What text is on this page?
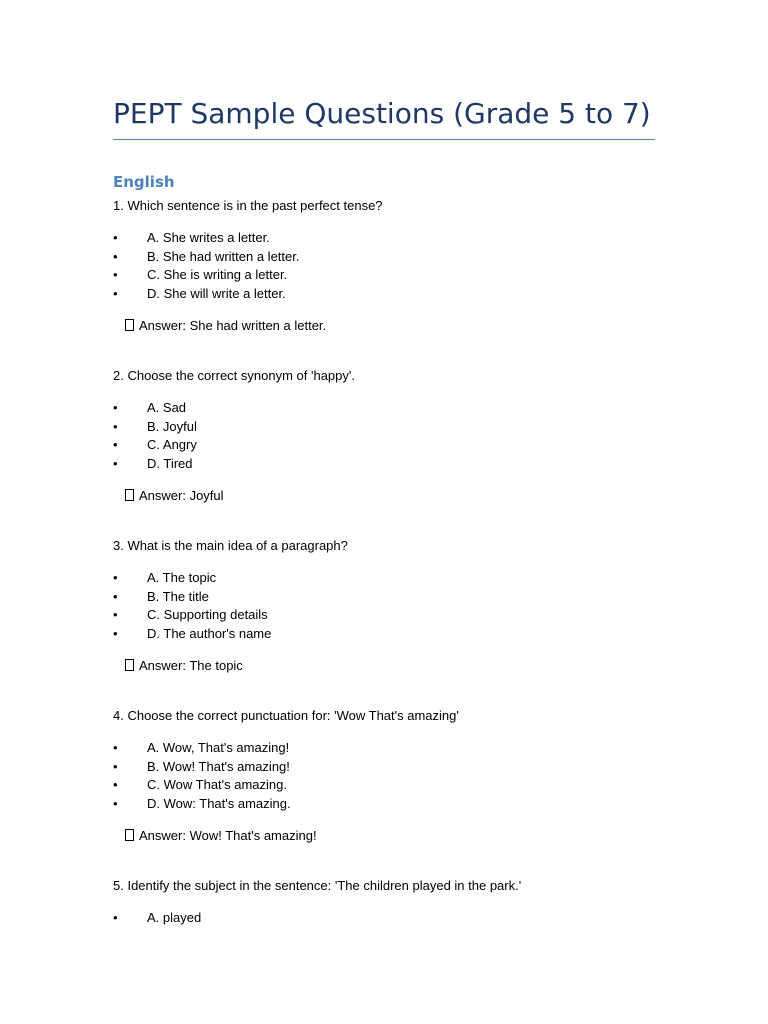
PEPT Sample Questions (Grade 5 to 7)
English

1. Which sentence is in the past perfect tense?

• A. She writes a letter.
• B. She had written a letter.
• C. She is writing a letter.
• D. She will write a letter.
Answer: She had written a letter.

2. Choose the correct synonym of 'happy'.

• A. Sad
• B. Joyful
• C. Angry
• D. Tired
Answer: Joyful

3. What is the main idea of a paragraph?

• A. The topic
• B. The title
• C. Supporting details
• D. The author's name
Answer: The topic

4. Choose the correct punctuation for: 'Wow That's amazing'

• A. Wow, That's amazing!
• B. Wow! That's amazing!
• C. Wow That's amazing.
• D. Wow: That's amazing.
Answer: Wow! That's amazing!

5. Identify the subject in the sentence: 'The children played in the park.'

• A. played
